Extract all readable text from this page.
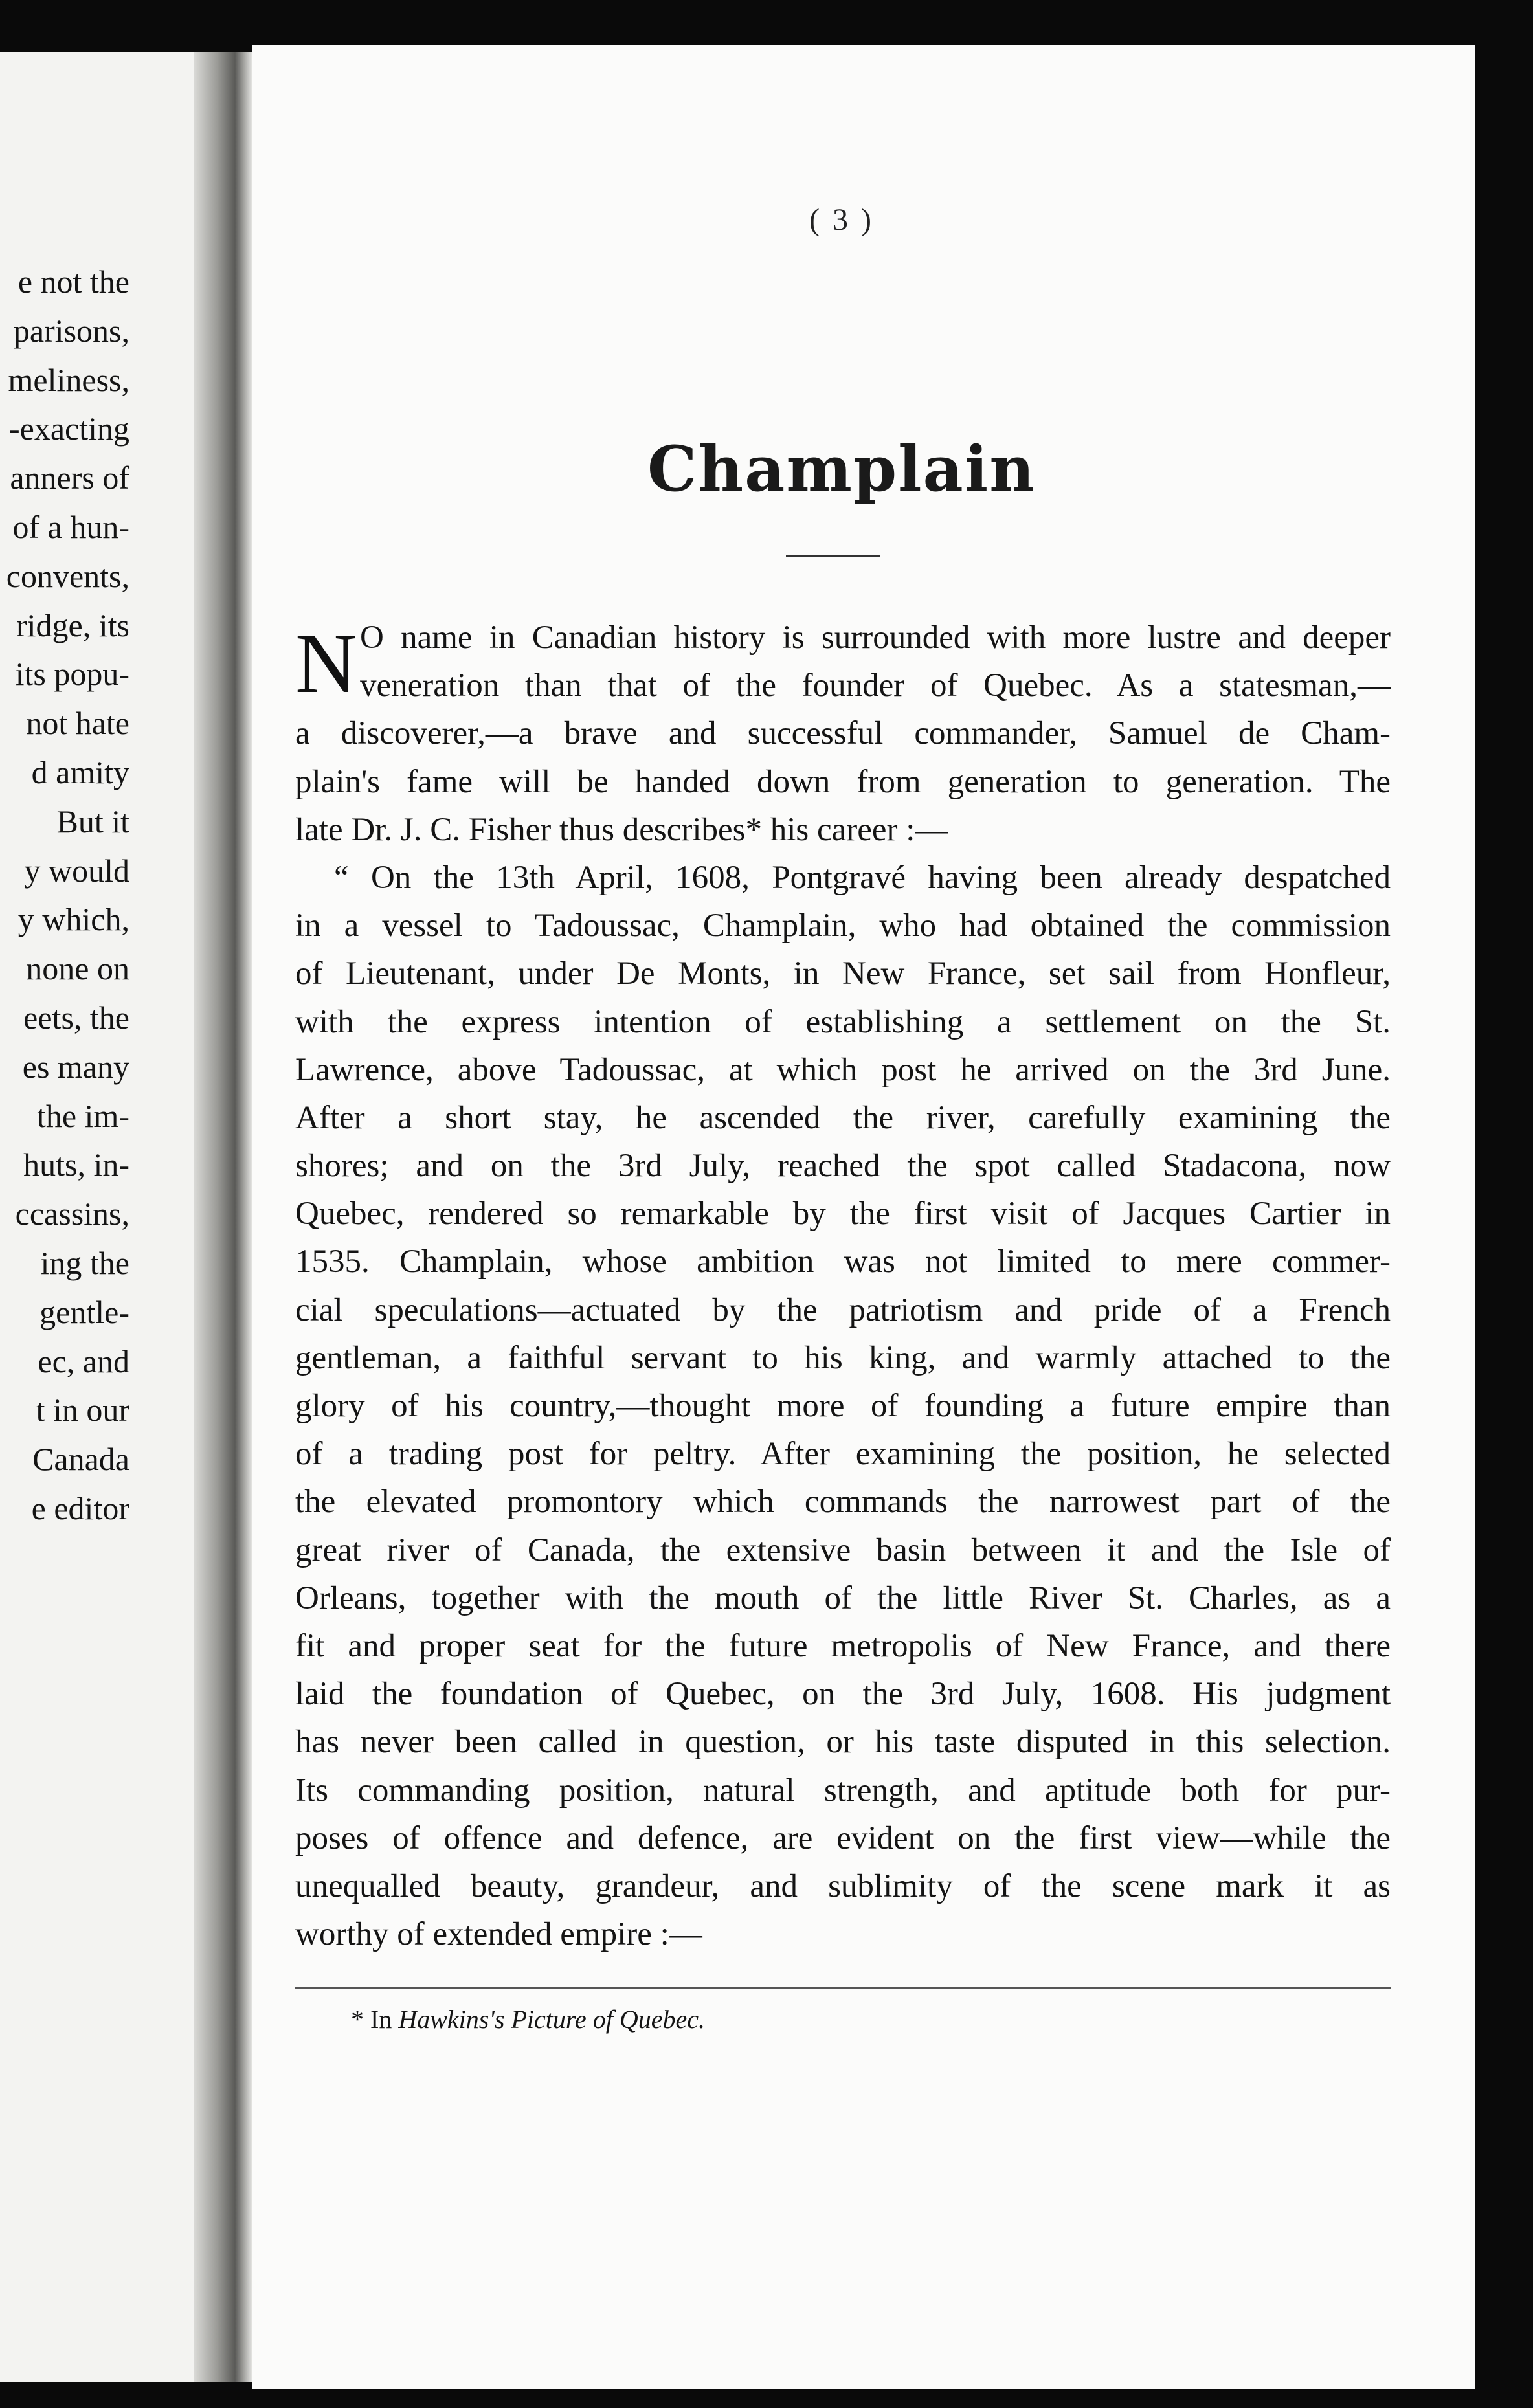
e not the
parisons,
meliness,
-exacting
anners of
of a hun-
convents,
ridge, its
its popu-
not hate
d amity
But it
y would
y which,
none on
eets, the
es many
the im-
huts, in-
ccassins,
ing the
gentle-
ec, and
t in our
Canada
e editor
( 3 )
Champlain
N O name in Canadian history is surrounded with more lustre and deeper
veneration than that of the founder of Quebec. As a statesman,—
a discoverer,—a brave and successful commander, Samuel de Cham-
plain's fame will be handed down from generation to generation. The
late Dr. J. C. Fisher thus describes* his career :—
“ On the 13th April, 1608, Pontgravé having been already despatched
in a vessel to Tadoussac, Champlain, who had obtained the commission
of Lieutenant, under De Monts, in New France, set sail from Honfleur,
with the express intention of establishing a settlement on the St.
Lawrence, above Tadoussac, at which post he arrived on the 3rd June.
After a short stay, he ascended the river, carefully examining the
shores; and on the 3rd July, reached the spot called Stadacona, now
Quebec, rendered so remarkable by the first visit of Jacques Cartier in
1535. Champlain, whose ambition was not limited to mere commer-
cial speculations—actuated by the patriotism and pride of a French
gentleman, a faithful servant to his king, and warmly attached to the
glory of his country,—thought more of founding a future empire than
of a trading post for peltry. After examining the position, he selected
the elevated promontory which commands the narrowest part of the
great river of Canada, the extensive basin between it and the Isle of
Orleans, together with the mouth of the little River St. Charles, as a
fit and proper seat for the future metropolis of New France, and there
laid the foundation of Quebec, on the 3rd July, 1608. His judgment
has never been called in question, or his taste disputed in this selection.
Its commanding position, natural strength, and aptitude both for pur-
poses of offence and defence, are evident on the first view—while the
unequalled beauty, grandeur, and sublimity of the scene mark it as
worthy of extended empire :—
* In Hawkins's Picture of Quebec.
